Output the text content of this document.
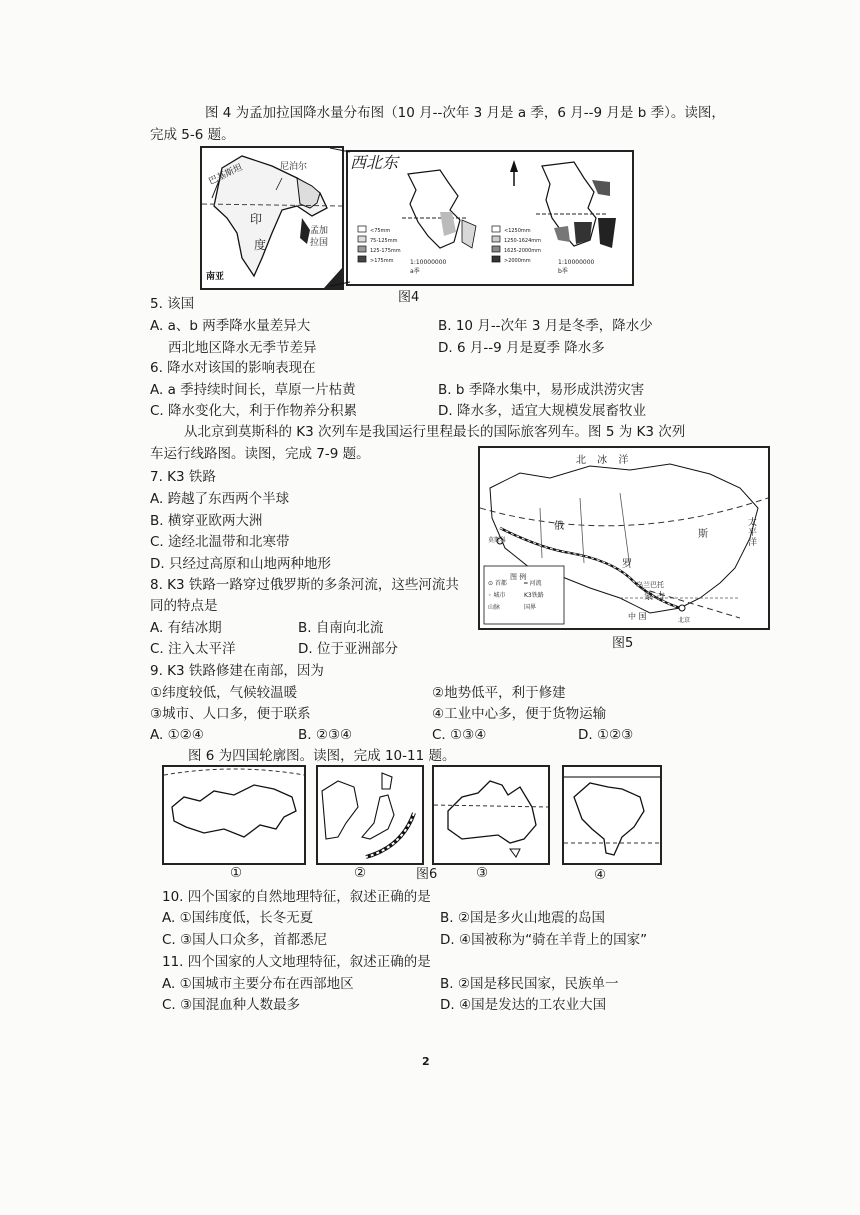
图 4 为孟加拉国降水量分布图（10 月--次年 3 月是 a 季，6 月--9 月是 b 季）。读图，
完成 5-6 题。
巴基斯坦	尼泊尔
印
度
孟加
拉国
南亚
西北东
<75mm
75-125mm
125-175mm
>175mm
<1250mm
1250-1624mm
1625-2000mm
>2000mm
1:10000000
a季
1:10000000
b季
图4
5. 该国
A. a、b 两季降水量差异大	B. 10 月--次年 3 月是冬季，降水少
西北地区降水无季节差异	D. 6 月--9 月是夏季 降水多
6. 降水对该国的影响表现在
A. a 季持续时间长，草原一片枯黄	B. b 季降水集中，易形成洪涝灾害
C. 降水变化大，利于作物养分积累	D. 降水多，适宜大规模发展畜牧业
从北京到莫斯科的 K3 次列车是我国运行里程最长的国际旅客列车。图 5 为 K3 次列
车运行线路图。读图，完成 7-9 题。
7. K3 铁路
A. 跨越了东西两个半球
B. 横穿亚欧两大洲
C. 途经北温带和北寒带
D. 只经过高原和山地两种地形
8. K3 铁路一路穿过俄罗斯的多条河流，这些河流共
同的特点是
A. 有结冰期	B. 自南向北流
C. 注入太平洋	D. 位于亚洲部分
北 冰 洋
太平洋
俄
罗
斯
蒙 古
乌兰巴托
中 国	北京
莫斯科
图 例
⊙ 首都	═ 河流
◦ 城市	K3铁路
山脉	国界
图5
9. K3 铁路修建在南部，因为
①纬度较低，气候较温暖	②地势低平，利于修建
③城市、人口多，便于联系	④工业中心多，便于货物运输
A. ①②④	B. ②③④	C. ①③④	D. ①②③
图 6 为四国轮廓图。读图，完成 10-11 题。
①	②	图6	③	④
10. 四个国家的自然地理特征，叙述正确的是
A. ①国纬度低，长冬无夏	B. ②国是多火山地震的岛国
C. ③国人口众多，首都悉尼	D. ④国被称为“骑在羊背上的国家”
11. 四个国家的人文地理特征，叙述正确的是
A. ①国城市主要分布在西部地区	B. ②国是移民国家，民族单一
C. ③国混血种人数最多	D. ④国是发达的工农业大国
2
